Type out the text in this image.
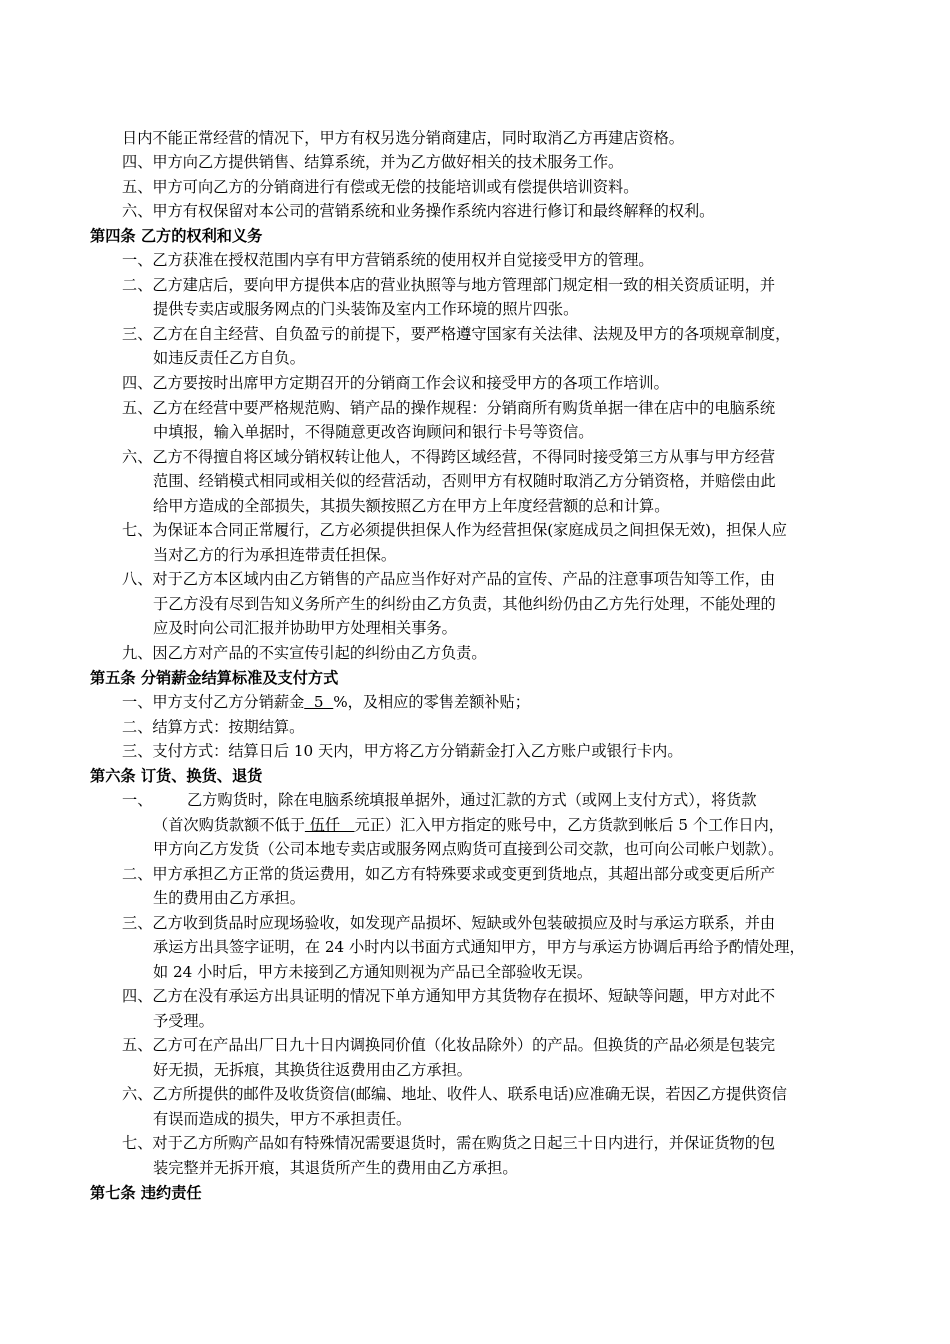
日内不能正常经营的情况下，甲方有权另选分销商建店，同时取消乙方再建店资格。
四、甲方向乙方提供销售、结算系统，并为乙方做好相关的技术服务工作。
五、甲方可向乙方的分销商进行有偿或无偿的技能培训或有偿提供培训资料。
六、甲方有权保留对本公司的营销系统和业务操作系统内容进行修订和最终解释的权利。
第四条 乙方的权利和义务
一、乙方获准在授权范围内享有甲方营销系统的使用权并自觉接受甲方的管理。
二、乙方建店后，要向甲方提供本店的营业执照等与地方管理部门规定相一致的相关资质证明，并
提供专卖店或服务网点的门头装饰及室内工作环境的照片四张。
三、乙方在自主经营、自负盈亏的前提下，要严格遵守国家有关法律、法规及甲方的各项规章制度，
如违反责任乙方自负。
四、乙方要按时出席甲方定期召开的分销商工作会议和接受甲方的各项工作培训。
五、乙方在经营中要严格规范购、销产品的操作规程：分销商所有购货单据一律在店中的电脑系统
中填报，输入单据时，不得随意更改咨询顾问和银行卡号等资信。
六、乙方不得擅自将区域分销权转让他人，不得跨区域经营，不得同时接受第三方从事与甲方经营
范围、经销模式相同或相关似的经营活动，否则甲方有权随时取消乙方分销资格，并赔偿由此
给甲方造成的全部损失，其损失额按照乙方在甲方上年度经营额的总和计算。
七、为保证本合同正常履行，乙方必须提供担保人作为经营担保(家庭成员之间担保无效)，担保人应
当对乙方的行为承担连带责任担保。
八、对于乙方本区域内由乙方销售的产品应当作好对产品的宣传、产品的注意事项告知等工作，由
于乙方没有尽到告知义务所产生的纠纷由乙方负责，其他纠纷仍由乙方先行处理，不能处理的
应及时向公司汇报并协助甲方处理相关事务。
九、因乙方对产品的不实宣传引起的纠纷由乙方负责。
第五条 分销薪金结算标准及支付方式
一、甲方支付乙方分销薪金  5  %，及相应的零售差额补贴；
二、结算方式：按期结算。
三、支付方式：结算日后 10 天内，甲方将乙方分销薪金打入乙方账户或银行卡内。
第六条 订货、换货、退货
一、 乙方购货时，除在电脑系统填报单据外，通过汇款的方式（或网上支付方式），将货款
（首次购货款额不低于 伍仟   元正）汇入甲方指定的账号中，乙方货款到帐后 5 个工作日内，
甲方向乙方发货（公司本地专卖店或服务网点购货可直接到公司交款，也可向公司帐户划款）。
二、甲方承担乙方正常的货运费用，如乙方有特殊要求或变更到货地点，其超出部分或变更后所产
生的费用由乙方承担。
三、乙方收到货品时应现场验收，如发现产品损坏、短缺或外包装破损应及时与承运方联系，并由
承运方出具签字证明，在 24 小时内以书面方式通知甲方，甲方与承运方协调后再给予酌情处理，
如 24 小时后，甲方未接到乙方通知则视为产品已全部验收无误。
四、乙方在没有承运方出具证明的情况下单方通知甲方其货物存在损坏、短缺等问题，甲方对此不
予受理。
五、乙方可在产品出厂日九十日内调换同价值（化妆品除外）的产品。但换货的产品必须是包装完
好无损，无拆痕，其换货往返费用由乙方承担。
六、乙方所提供的邮件及收货资信(邮编、地址、收件人、联系电话)应准确无误，若因乙方提供资信
有误而造成的损失，甲方不承担责任。
七、对于乙方所购产品如有特殊情况需要退货时，需在购货之日起三十日内进行，并保证货物的包
装完整并无拆开痕，其退货所产生的费用由乙方承担。
第七条 违约责任
